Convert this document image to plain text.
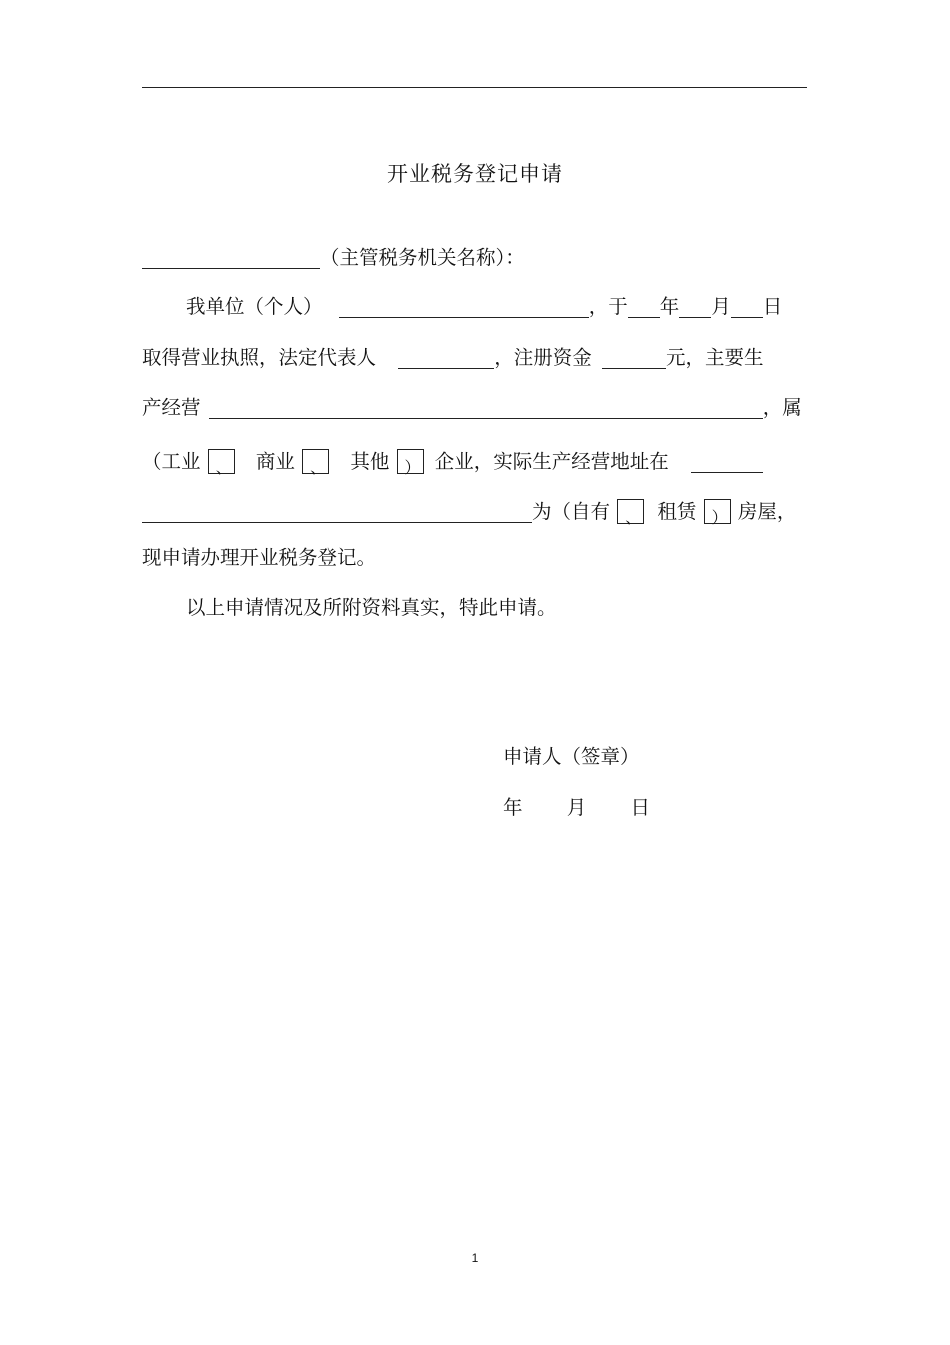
开业税务登记申请
（主管税务机关名称）：
我单位（个人）	，于 年 月 日
取得营业执照，法定代表人	，注册资金	元，主要生
产经营	，属
（工业 、 商业 、 其他 ） 企业，实际生产经营地址在
为（自有 、 租赁 ） 房屋，
现申请办理开业税务登记。
以上申请情况及所附资料真实，特此申请。
申请人（签章）
年 月 日
1
